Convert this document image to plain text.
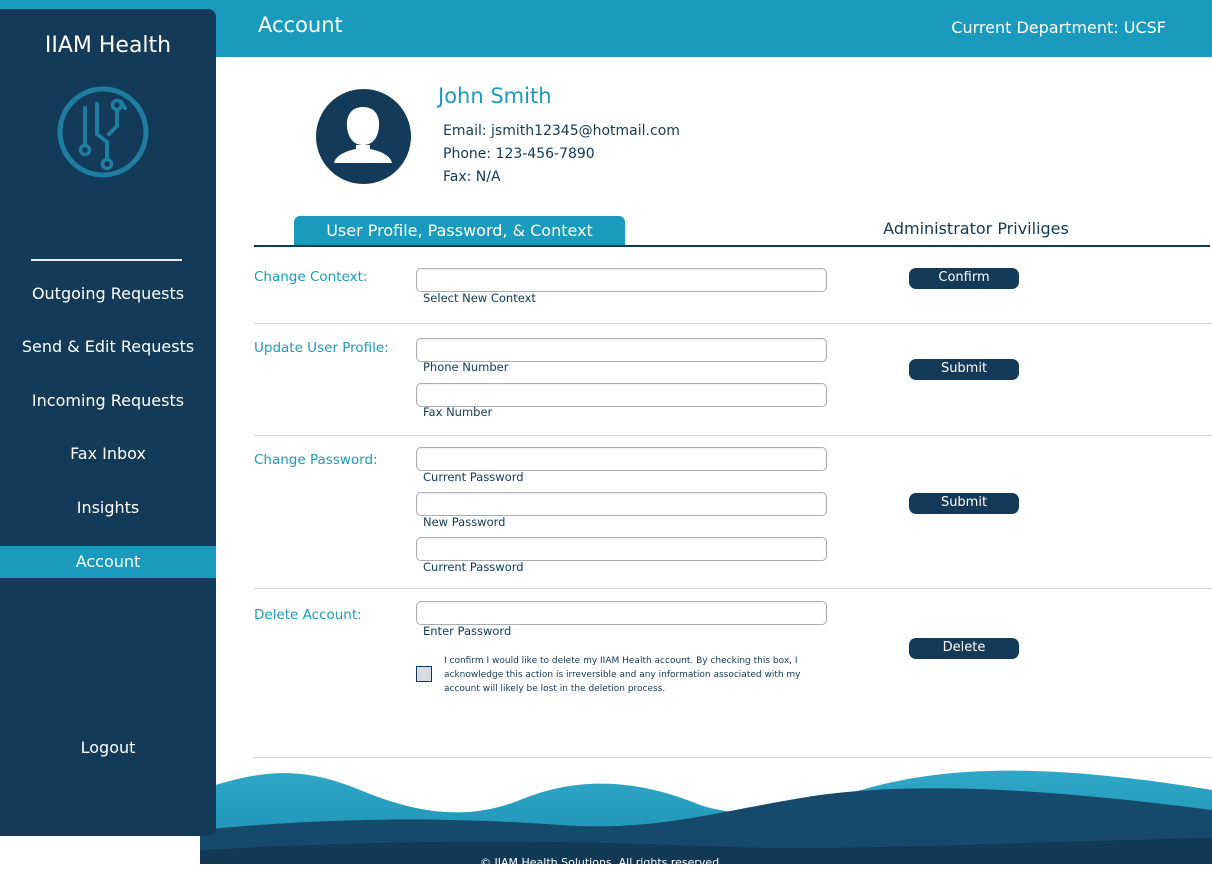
Account	Current Department: UCSF
© IIAM Health Solutions. All rights reserved.
IIAM Health
Outgoing Requests
Send & Edit Requests
Incoming Requests
Fax Inbox
Insights
Account
Logout
John Smith
Email: jsmith12345@hotmail.com
Phone: 123-456-7890
Fax: N/A
User Profile, Password, & Context	Administrator Priviliges
Change Context:
Select New Context
Confirm
Update User Profile:
Phone Number
Fax Number
Submit
Change Password:
Current Password
New Password
Current Password
Submit
Delete Account:
Enter Password
I confirm I would like to delete my IIAM Health account. By checking this box, I acknowledge this action is irreversible and any information associated with my account will likely be lost in the deletion process.
Delete
